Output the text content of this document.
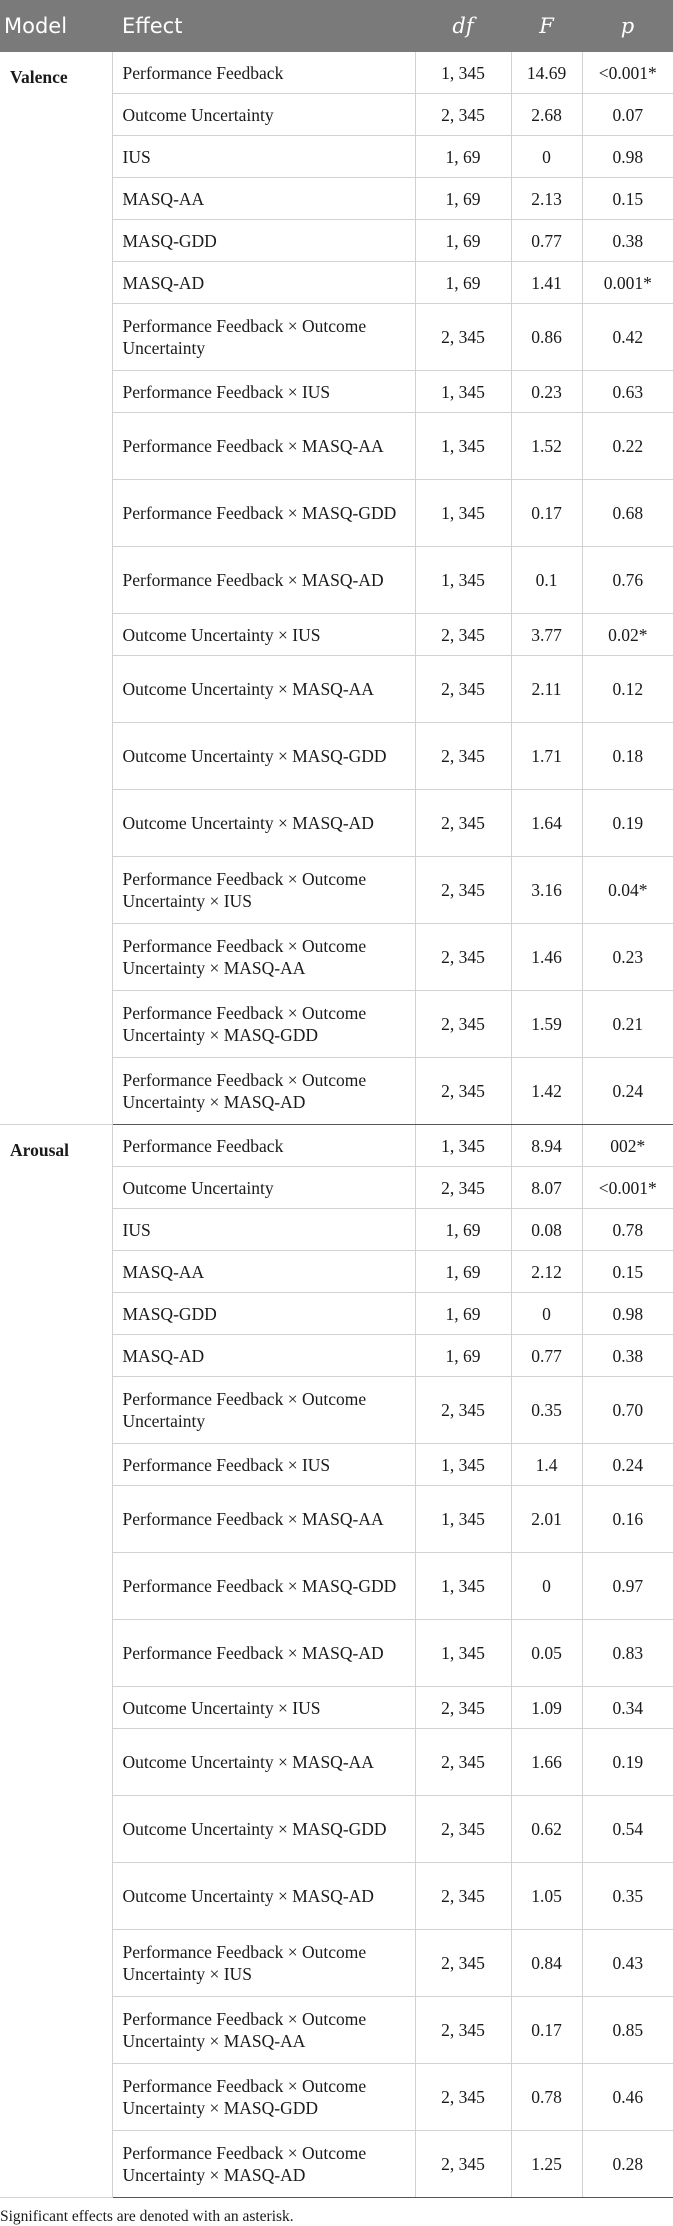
Model	Effect	df	F	p
Valence	Performance Feedback	1, 345	14.69	<0.001*
	Outcome Uncertainty	2, 345	2.68	0.07
	IUS	1, 69	0	0.98
	MASQ-AA	1, 69	2.13	0.15
	MASQ-GDD	1, 69	0.77	0.38
	MASQ-AD	1, 69	1.41	0.001*
	Performance Feedback × Outcome Uncertainty	2, 345	0.86	0.42
	Performance Feedback × IUS	1, 345	0.23	0.63
	Performance Feedback × MASQ-AA	1, 345	1.52	0.22
	Performance Feedback × MASQ-GDD	1, 345	0.17	0.68
	Performance Feedback × MASQ-AD	1, 345	0.1	0.76
	Outcome Uncertainty × IUS	2, 345	3.77	0.02*
	Outcome Uncertainty × MASQ-AA	2, 345	2.11	0.12
	Outcome Uncertainty × MASQ-GDD	2, 345	1.71	0.18
	Outcome Uncertainty × MASQ-AD	2, 345	1.64	0.19
	Performance Feedback × Outcome Uncertainty × IUS	2, 345	3.16	0.04*
	Performance Feedback × Outcome Uncertainty × MASQ-AA	2, 345	1.46	0.23
	Performance Feedback × Outcome Uncertainty × MASQ-GDD	2, 345	1.59	0.21
	Performance Feedback × Outcome Uncertainty × MASQ-AD	2, 345	1.42	0.24
Arousal	Performance Feedback	1, 345	8.94	002*
	Outcome Uncertainty	2, 345	8.07	<0.001*
	IUS	1, 69	0.08	0.78
	MASQ-AA	1, 69	2.12	0.15
	MASQ-GDD	1, 69	0	0.98
	MASQ-AD	1, 69	0.77	0.38
	Performance Feedback × Outcome Uncertainty	2, 345	0.35	0.70
	Performance Feedback × IUS	1, 345	1.4	0.24
	Performance Feedback × MASQ-AA	1, 345	2.01	0.16
	Performance Feedback × MASQ-GDD	1, 345	0	0.97
	Performance Feedback × MASQ-AD	1, 345	0.05	0.83
	Outcome Uncertainty × IUS	2, 345	1.09	0.34
	Outcome Uncertainty × MASQ-AA	2, 345	1.66	0.19
	Outcome Uncertainty × MASQ-GDD	2, 345	0.62	0.54
	Outcome Uncertainty × MASQ-AD	2, 345	1.05	0.35
	Performance Feedback × Outcome Uncertainty × IUS	2, 345	0.84	0.43
	Performance Feedback × Outcome Uncertainty × MASQ-AA	2, 345	0.17	0.85
	Performance Feedback × Outcome Uncertainty × MASQ-GDD	2, 345	0.78	0.46
	Performance Feedback × Outcome Uncertainty × MASQ-AD	2, 345	1.25	0.28
Significant effects are denoted with an asterisk.
